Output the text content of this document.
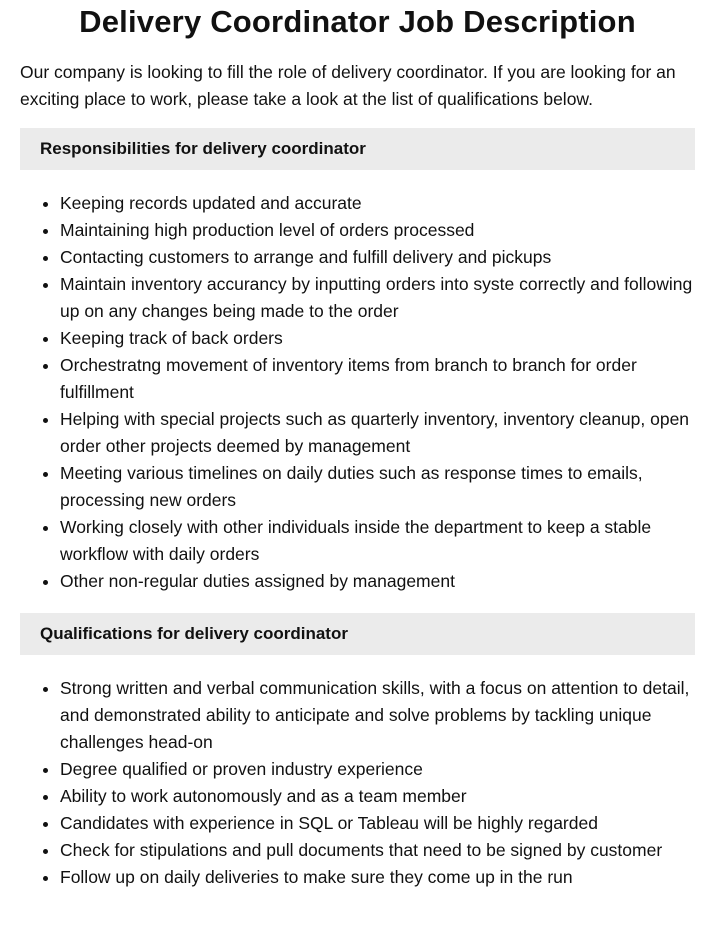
Delivery Coordinator Job Description

Our company is looking to fill the role of delivery coordinator. If you are looking for an exciting place to work, please take a look at the list of qualifications below.

Responsibilities for delivery coordinator
• Keeping records updated and accurate
• Maintaining high production level of orders processed
• Contacting customers to arrange and fulfill delivery and pickups
• Maintain inventory accurancy by inputting orders into syste correctly and following up on any changes being made to the order
• Keeping track of back orders
• Orchestratng movement of inventory items from branch to branch for order fulfillment
• Helping with special projects such as quarterly inventory, inventory cleanup, open order other projects deemed by management
• Meeting various timelines on daily duties such as response times to emails, processing new orders
• Working closely with other individuals inside the department to keep a stable workflow with daily orders
• Other non-regular duties assigned by management
Qualifications for delivery coordinator
• Strong written and verbal communication skills, with a focus on attention to detail, and demonstrated ability to anticipate and solve problems by tackling unique challenges head-on
• Degree qualified or proven industry experience
• Ability to work autonomously and as a team member
• Candidates with experience in SQL or Tableau will be highly regarded
• Check for stipulations and pull documents that need to be signed by customer
• Follow up on daily deliveries to make sure they come up in the run
